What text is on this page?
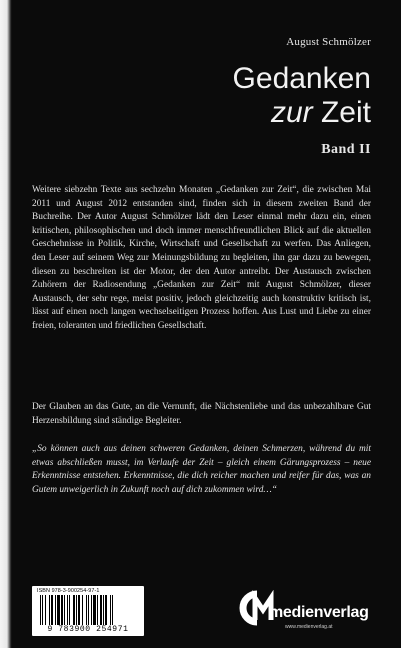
August Schmölzer
Gedanken
zur Zeit
Band II

Weitere siebzehn Texte aus sechzehn Monaten „Gedanken zur Zeit“, die zwischen Mai 2011 und August 2012 entstanden sind, finden sich in diesem zweiten Band der Buchreihe. Der Autor August Schmölzer lädt den Leser einmal mehr dazu ein, einen kritischen, philosophischen und doch immer menschfreundlichen Blick auf die aktuellen Geschehnisse in Politik, Kirche, Wirtschaft und Gesellschaft zu werfen. Das Anliegen, den Leser auf seinem Weg zur Meinungsbildung zu begleiten, ihn gar dazu zu bewegen, diesen zu beschreiten ist der Motor, der den Autor antreibt. Der Austausch zwischen Zuhörern der Radiosendung „Gedanken zur Zeit“ mit August Schmölzer, dieser Austausch, der sehr rege, meist positiv, jedoch gleichzeitig auch konstruktiv kritisch ist, lässt auf einen noch langen wechselseitigen Prozess hoffen. Aus Lust und Liebe zu einer freien, toleranten und friedlichen Gesellschaft.

Der Glauben an das Gute, an die Vernunft, die Nächstenliebe und das unbezahlbare Gut Herzensbildung sind ständige Begleiter.

„So können auch aus deinen schweren Gedanken, deinen Schmerzen, während du mit etwas abschließen musst, im Verlaufe der Zeit – gleich einem Gärungsprozess – neue Erkenntnisse entstehen. Erkenntnisse, die dich reicher machen und reifer für das, was an Gutem unweigerlich in Zukunft noch auf dich zukommen wird…“

ISBN 978-3-900254-97-1
9 783900 254971
medienverlag
www.medienverlag.at
